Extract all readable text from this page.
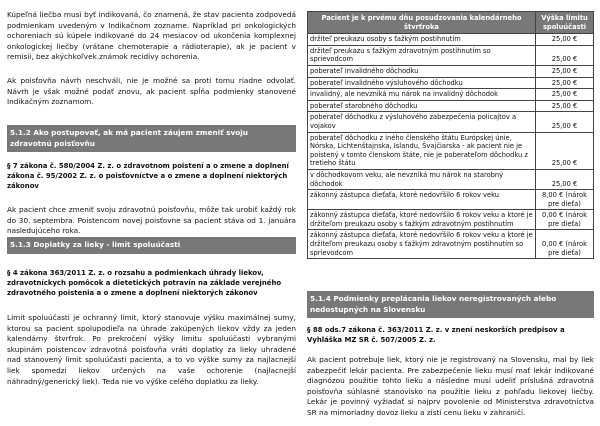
Kúpeľná liečba musí byť indikovaná, čo znamená, že stav pacienta zodpovedá podmienkam uvedeným v Indikačnom zozname. Napríklad pri onkologických ochoreniach sú kúpele indikované do 24 mesiacov od ukončenia komplexnej onkologickej liečby (vrátane chemoterapie a rádioterapie), ak je pacient v remisii, bez akýchkoľvek známok recidívy ochorenia.

Ak poisťovňa návrh neschváli, nie je možné sa proti tomu riadne odvolať. Návrh je však možné podať znovu, ak pacient spĺňa podmienky stanovené Indikačným zoznamom.

5.1.2 Ako postupovať, ak má pacient záujem zmeniť svoju zdravotnú poisťovňu

§ 7 zákona č. 580/2004 Z. z. o zdravotnom poistení a o zmene a doplnení zákona č. 95/2002 Z. z. o poisťovníctve a o zmene a doplnení niektorých zákonov

Ak pacient chce zmeniť svoju zdravotnú poisťovňu, môže tak urobiť každý rok do 30. septembra. Poistencom novej poisťovne sa pacient stáva od 1. januára nasledujúceho roka.

5.1.3 Doplatky za lieky - limit spoluúčasti

§ 4 zákona 363/2011 Z. z. o rozsahu a podmienkach úhrady liekov, zdravotníckych pomôcok a dietetických potravín na základe verejného zdravotného poistenia a o zmene a doplnení niektorých zákonov

Limit spoluúčasti je ochranný limit, ktorý stanovuje výšku maximálnej sumy, ktorou sa pacient spolupodieľa na úhrade zakúpených liekov vždy za jeden kalendárny štvrťrok. Po prekročení výšky limitu spoluúčasti vybranými skupinám poistencov zdravotná poisťovňa vráti doplatky za lieky uhradené nad stanovený limit spoluúčasti pacienta, a to vo výške sumy za najlacnejší liek spomedzi liekov určených na vaše ochorenie (najlacnejší náhradný/generický liek). Teda nie vo výške celého doplatku za lieky.

Pacient je k prvému dňu posudzovania kalendárneho štvrťroka	Výška limitu spoluúčasti
držiteľ preukazu osoby s ťažkým postihnutím	25,00 €
držiteľ preukazu s ťažkým zdravotným postihnutím so sprievodcom	25,00 €
poberateľ invalidného dôchodku	25,00 €
poberateľ invalidného výsluhového dôchodku	25,00 €
invalidný, ale nevzniká mu nárok na invalidný dôchodok	25,00 €
poberateľ starobného dôchodku	25,00 €
poberateľ dôchodku z výsluhového zabezpečenia policajtov a vojakov	25,00 €
poberateľ dôchodku z iného členského štátu Európskej únie, Nórska, Lichtenštajnska, Islandu, Švajčiarska - ak pacient nie je poistený v tomto členskom štáte, nie je poberateľom dôchodku z tretieho štátu	25,00 €
v dôchodkovom veku, ale nevzniká mu nárok na starobný dôchodok	25,00 €
zákonný zástupca dieťaťa, ktoré nedovŕšilo 6 rokov veku	8,00 € (nárok pre dieťa)
zákonný zástupca dieťaťa, ktoré nedovŕšilo 6 rokov veku a ktoré je držiteľom preukazu osoby s ťažkým zdravotným postihnutím	0,00 € (nárok pre dieťa)
zákonný zástupca dieťaťa, ktoré nedovŕšilo 6 rokov veku a ktoré je držiteľom preukazu osoby s ťažkým zdravotným postihnutím so sprievodcom	0,00 € (nárok pre dieťa)
5.1.4 Podmienky preplácania liekov neregistrovaných alebo nedostupných na Slovensku

§ 88 ods.7 zákona č. 363/2011 Z. z. v znení neskorších predpisov a Vyhláška MZ SR č. 507/2005 Z. z.

Ak pacient potrebuje liek, ktorý nie je registrovaný na Slovensku, mal by liek zabezpečiť lekár pacienta. Pre zabezpečenie lieku musí mať lekár indikované diagnózou použitie tohto lieku a následne musí udeliť príslušná zdravotná poisťovňa súhlasné stanovisko na použitie lieku z pohľadu liekovej liečby. Lekár je povinný vyžiadať si najprv povolenie od Ministerstva zdravotníctva SR na mimoriadny dovoz lieku a zistí cenu lieku v zahraničí.
